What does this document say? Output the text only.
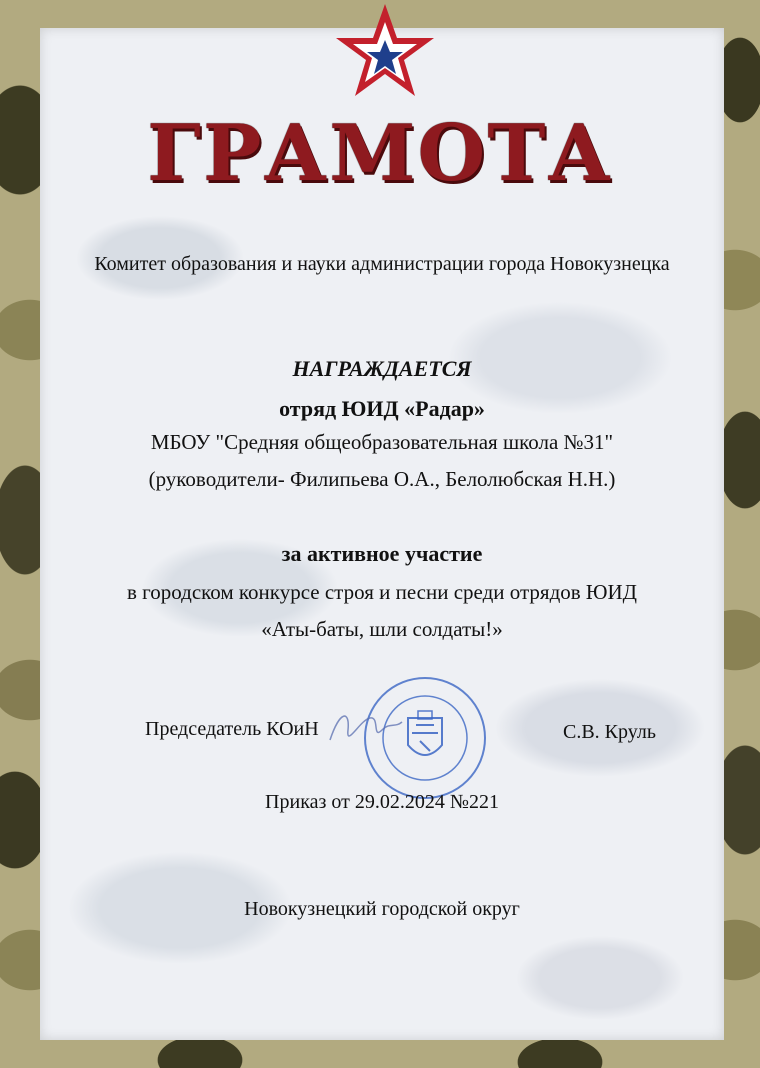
ГРАМОТА
Комитет образования и науки администрации города Новокузнецка
НАГРАЖДАЕТСЯ
отряд ЮИД «Радар»
МБОУ "Средняя общеобразовательная школа №31"
(руководители- Филипьева О.А., Белолюбская Н.Н.)
за активное участие
в городском конкурсе строя и песни среди отрядов ЮИД
«Аты-баты, шли солдаты!»
Председатель КОиН	С.В. Круль
Приказ от 29.02.2024 №221
Новокузнецкий городской округ
